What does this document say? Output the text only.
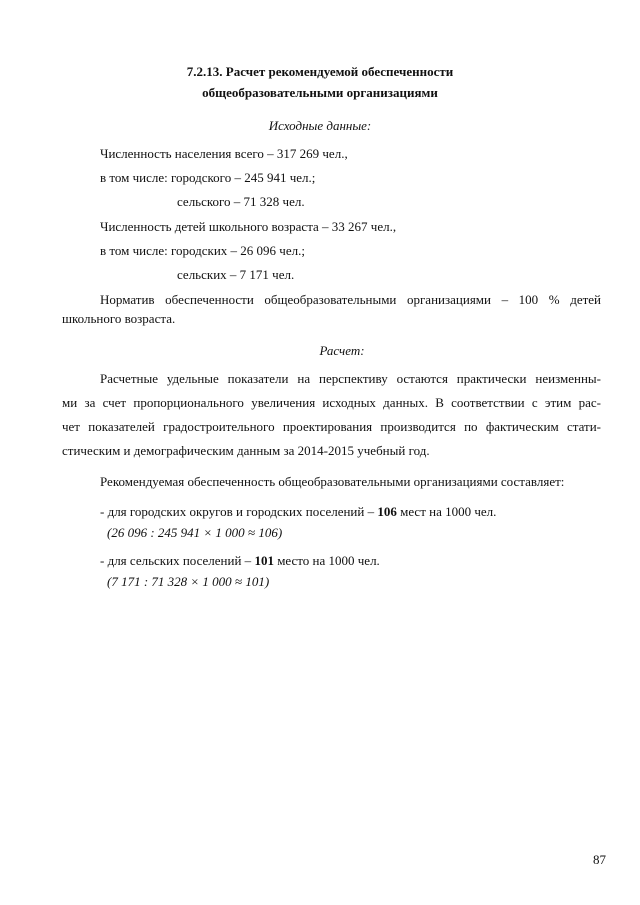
7.2.13. Расчет рекомендуемой обеспеченности
общеобразовательными организациями
Исходные данные:
Численность населения всего – 317 269 чел.,
в том числе: городского – 245 941 чел.;
сельского – 71 328 чел.
Численность детей школьного возраста – 33 267 чел.,
в том числе: городских – 26 096 чел.;
сельских – 7 171 чел.
Норматив обеспеченности общеобразовательными организациями – 100 % детей
школьного возраста.
Расчет:
Расчетные удельные показатели на перспективу остаются практически неизменны-
ми за счет пропорционального увеличения исходных данных. В соответствии с этим рас-
чет показателей градостроительного проектирования производится по фактическим стати-
стическим и демографическим данным за 2014-2015 учебный год.
Рекомендуемая обеспеченность общеобразовательными организациями составляет:
- для городских округов и городских поселений – 106 мест на 1000 чел.
(26 096 : 245 941 × 1 000 ≈ 106)
- для сельских поселений – 101 место на 1000 чел.
(7 171 : 71 328 × 1 000 ≈ 101)
87
